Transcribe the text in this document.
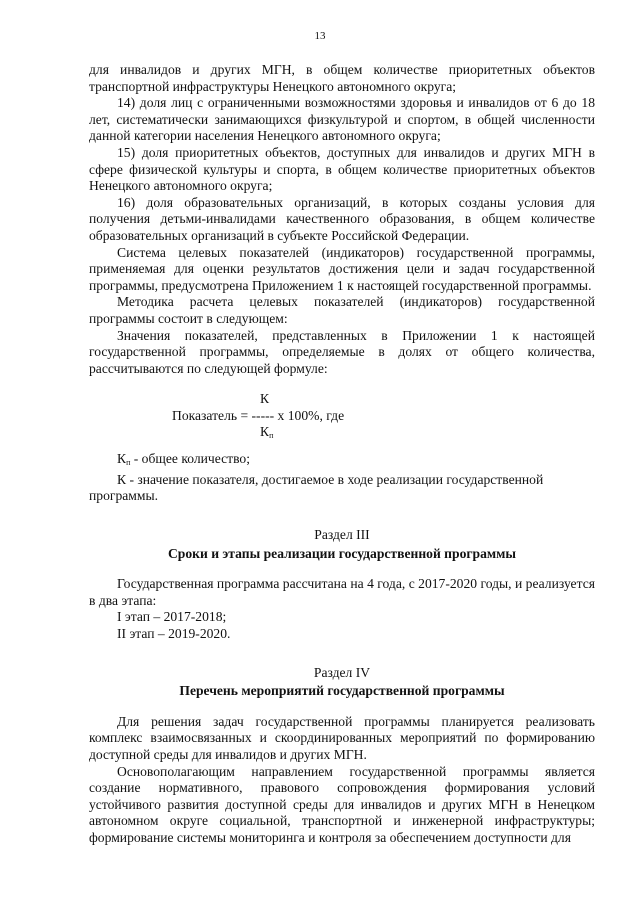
13

для инвалидов и других МГН, в общем количестве приоритетных объектов транспортной инфраструктуры Ненецкого автономного округа;

14) доля лиц с ограниченными возможностями здоровья и инвалидов от 6 до 18 лет, систематически занимающихся физкультурой и спортом, в общей численности данной категории населения Ненецкого автономного округа;

15) доля приоритетных объектов, доступных для инвалидов и других МГН в сфере физической культуры и спорта, в общем количестве приоритетных объектов Ненецкого автономного округа;

16) доля образовательных организаций, в которых созданы условия для получения детьми-инвалидами качественного образования, в общем количестве образовательных организаций в субъекте Российской Федерации.

Система целевых показателей (индикаторов) государственной программы, применяемая для оценки результатов достижения цели и задач государственной программы, предусмотрена Приложением 1 к настоящей государственной программы.

Методика расчета целевых показателей (индикаторов) государственной программы состоит в следующем:

Значения показателей, представленных в Приложении 1 к настоящей государственной программы, определяемые в долях от общего количества, рассчитываются по следующей формуле:

К
Показатель = ----- х 100%, где
$К_п$

$К_п$ - общее количество;

К - значение показателя, достигаемое в ходе реализации государственной программы.

Раздел III

Сроки и этапы реализации государственной программы

Государственная программа рассчитана на 4 года, с 2017-2020 годы, и реализуется в два этапа:

I этап – 2017-2018;

II этап – 2019-2020.

Раздел IV

Перечень мероприятий государственной программы

Для решения задач государственной программы планируется реализовать комплекс взаимосвязанных и скоординированных мероприятий по формированию доступной среды для инвалидов и других МГН.

Основополагающим направлением государственной программы является создание нормативного, правового сопровождения формирования условий устойчивого развития доступной среды для инвалидов и других МГН в Ненецком автономном округе социальной, транспортной и инженерной инфраструктуры; формирование системы мониторинга и контроля за обеспечением доступности для
